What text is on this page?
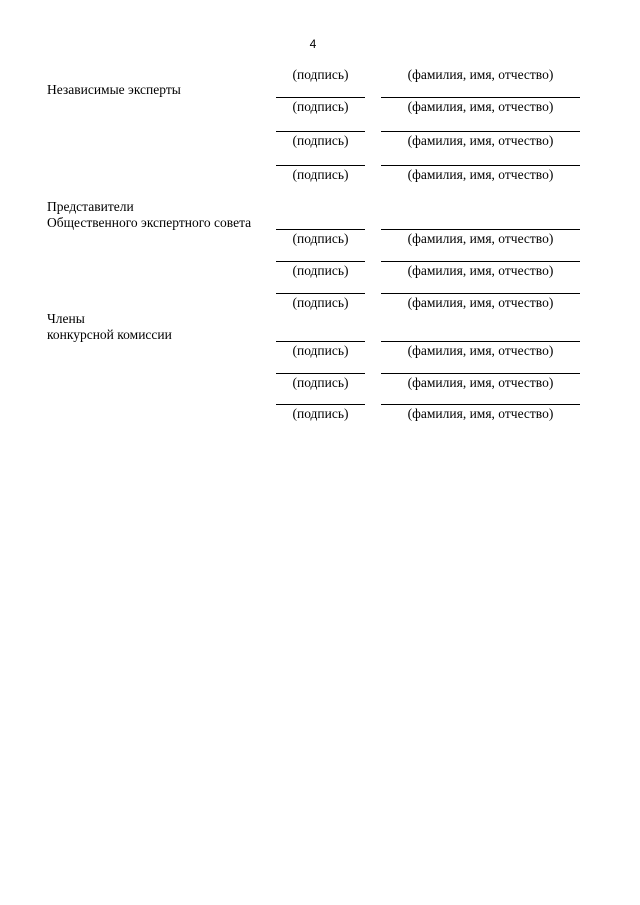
4
Независимые эксперты
(подпись)	(фамилия, имя, отчество)
(подпись)	(фамилия, имя, отчество)
(подпись)	(фамилия, имя, отчество)
(подпись)	(фамилия, имя, отчество)
Представители
Общественного экспертного совета
(подпись)	(фамилия, имя, отчество)
(подпись)	(фамилия, имя, отчество)
(подпись)	(фамилия, имя, отчество)
Члены
конкурсной комиссии
(подпись)	(фамилия, имя, отчество)
(подпись)	(фамилия, имя, отчество)
(подпись)	(фамилия, имя, отчество)
